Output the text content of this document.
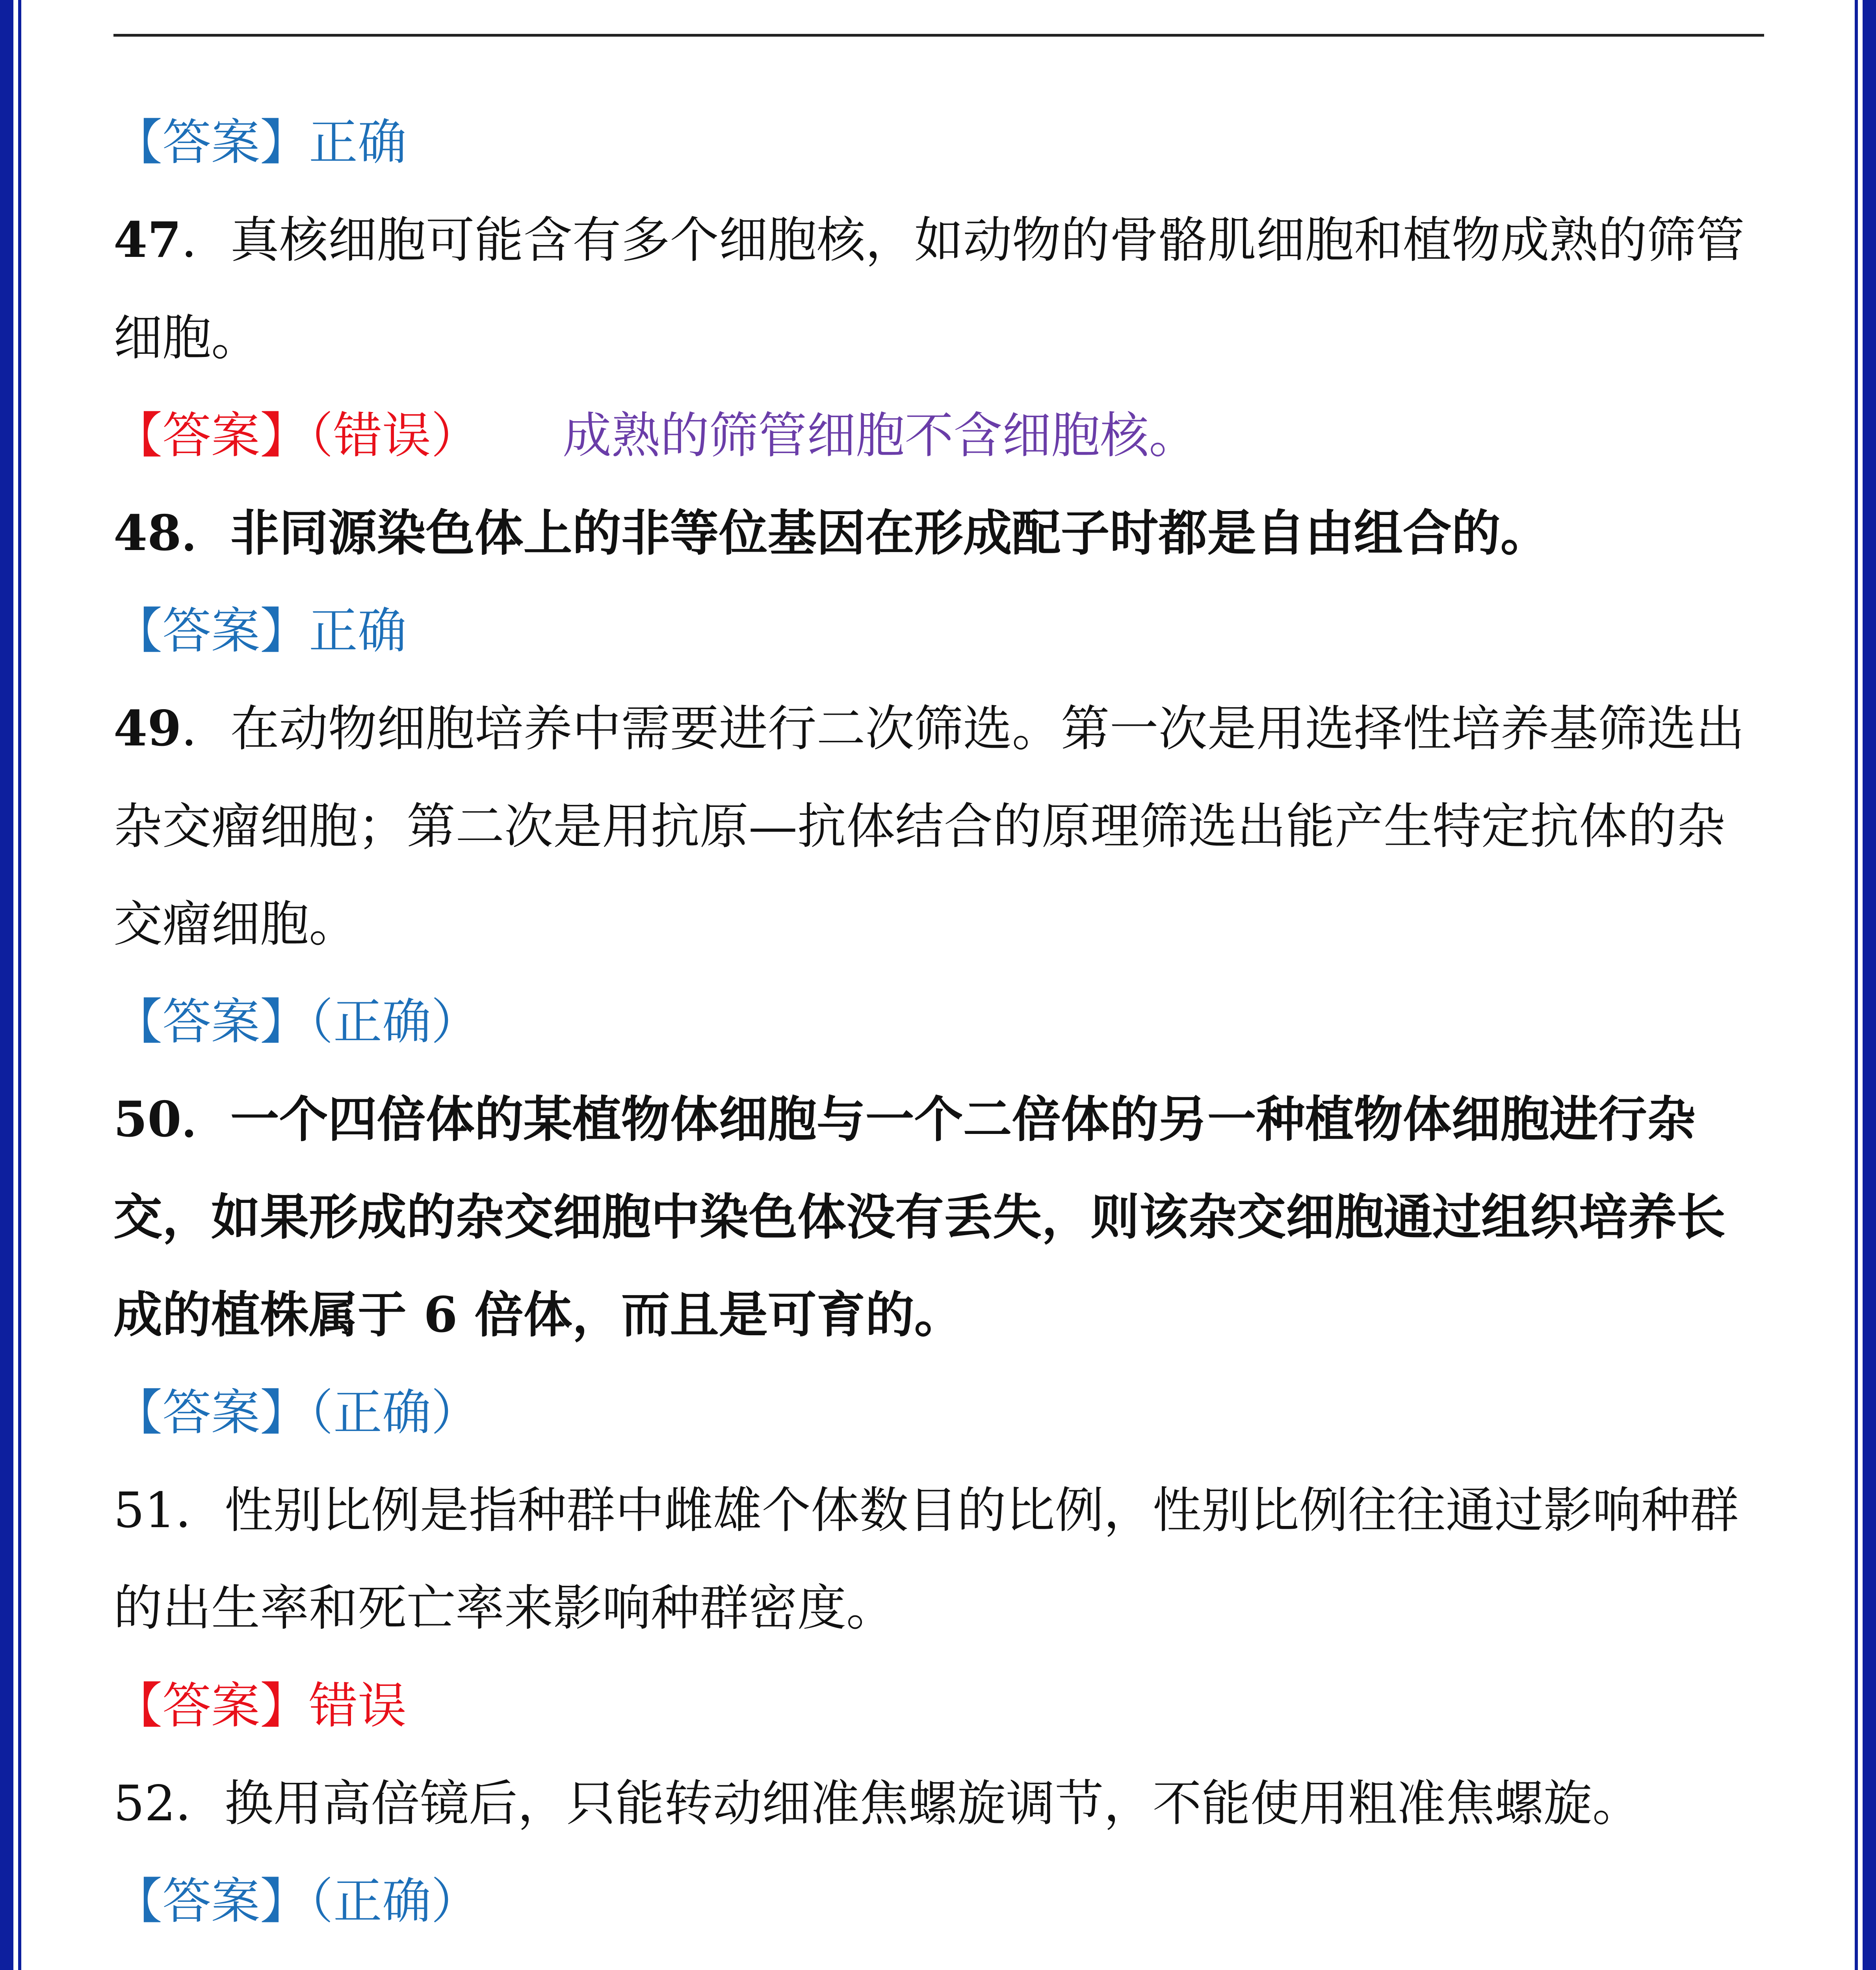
【答案】正确
47．真核细胞可能含有多个细胞核，如动物的骨骼肌细胞和植物成熟的筛管
细胞。
【答案】（错误） 成熟的筛管细胞不含细胞核。
48．非同源染色体上的非等位基因在形成配子时都是自由组合的。
【答案】正确
49．在动物细胞培养中需要进行二次筛选。第一次是用选择性培养基筛选出
杂交瘤细胞；第二次是用抗原—抗体结合的原理筛选出能产生特定抗体的杂
交瘤细胞。
【答案】（正确）
50．一个四倍体的某植物体细胞与一个二倍体的另一种植物体细胞进行杂
交，如果形成的杂交细胞中染色体没有丢失，则该杂交细胞通过组织培养长
成的植株属于 6 倍体，而且是可育的。
【答案】（正确）
51．性别比例是指种群中雌雄个体数目的比例，性别比例往往通过影响种群
的出生率和死亡率来影响种群密度。
【答案】错误
52．换用高倍镜后，只能转动细准焦螺旋调节，不能使用粗准焦螺旋。
【答案】（正确）
